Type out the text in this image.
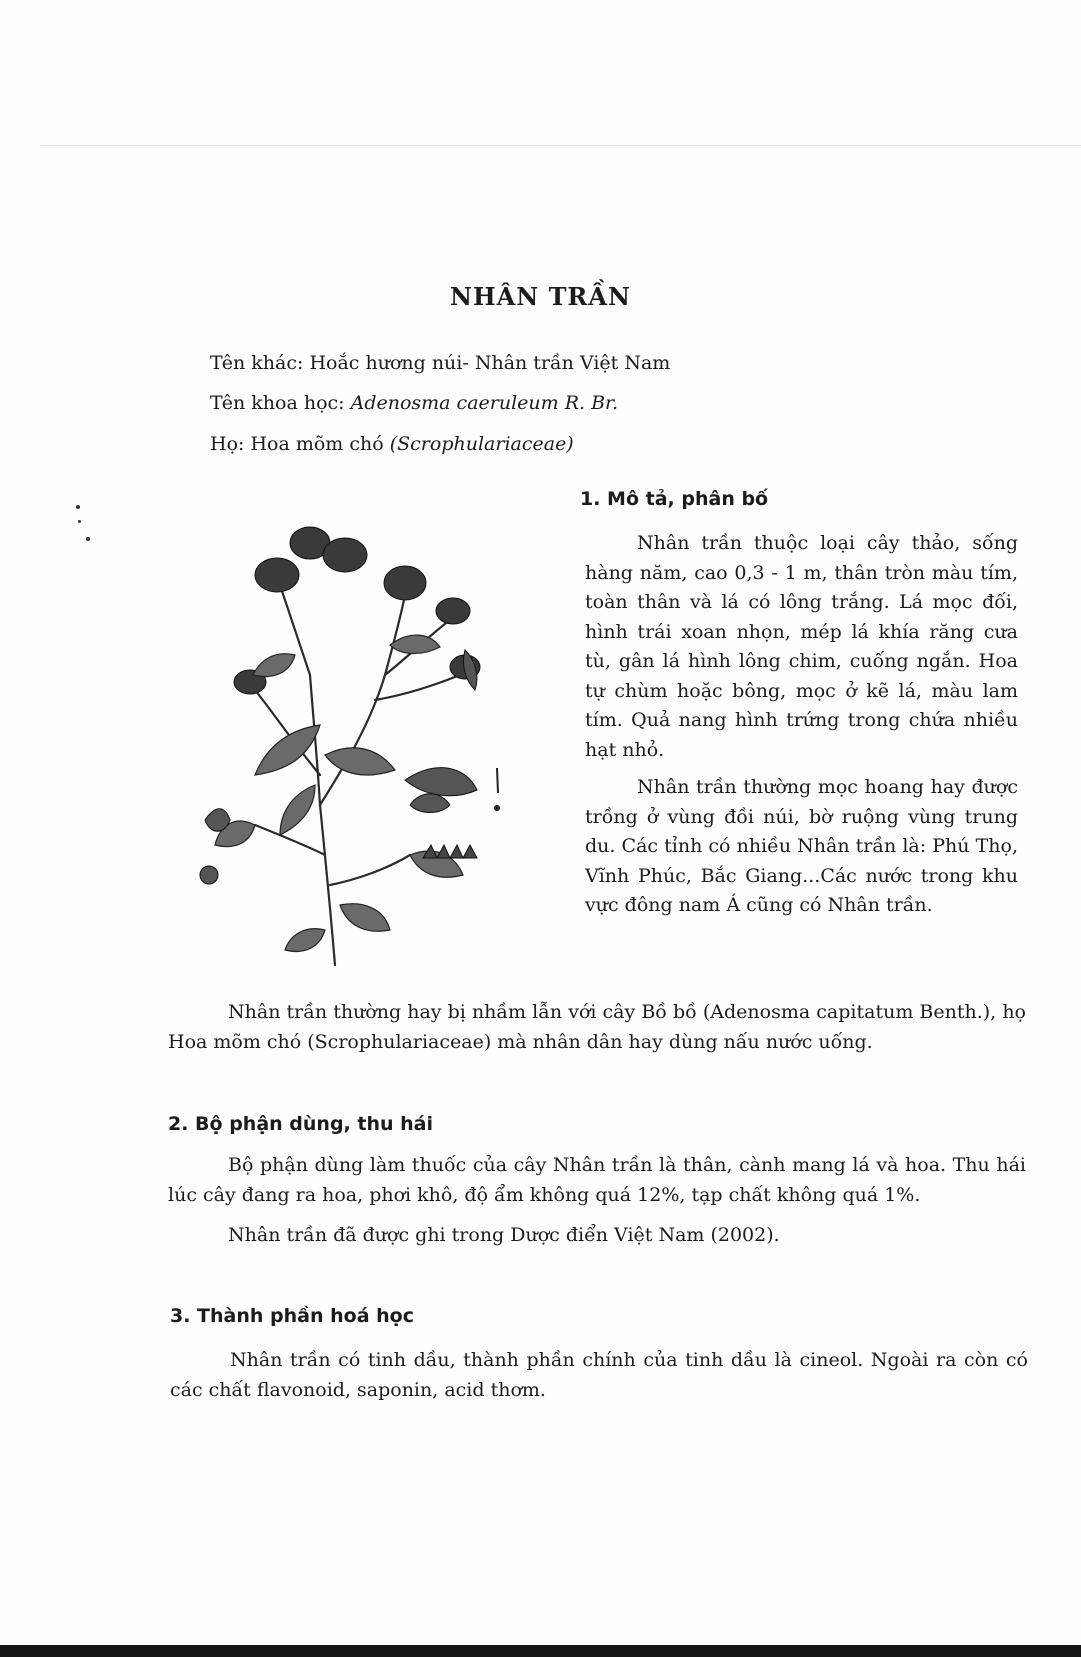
NHÂN TRẦN
Tên khác: Hoắc hương núi- Nhân trần Việt Nam
Tên khoa học: Adenosma caeruleum R. Br.
Họ: Hoa mõm chó (Scrophulariaceae)
1. Mô tả, phân bố

Nhân trần thuộc loại cây thảo, sống hàng năm, cao 0,3 - 1 m, thân tròn màu tím, toàn thân và lá có lông trắng. Lá mọc đối, hình trái xoan nhọn, mép lá khía răng cưa tù, gân lá hình lông chim, cuống ngắn. Hoa tự chùm hoặc bông, mọc ở kẽ lá, màu lam tím. Quả nang hình trứng trong chứa nhiều hạt nhỏ.

Nhân trần thường mọc hoang hay được trồng ở vùng đồi núi, bờ ruộng vùng trung du. Các tỉnh có nhiều Nhân trần là: Phú Thọ, Vĩnh Phúc, Bắc Giang...Các nước trong khu vực đông nam Á cũng có Nhân trần.

Nhân trần thường hay bị nhầm lẫn với cây Bồ bồ (Adenosma capitatum Benth.), họ Hoa mõm chó (Scrophulariaceae) mà nhân dân hay dùng nấu nước uống.

2. Bộ phận dùng, thu hái

Bộ phận dùng làm thuốc của cây Nhân trần là thân, cành mang lá và hoa. Thu hái lúc cây đang ra hoa, phơi khô, độ ẩm không quá 12%, tạp chất không quá 1%.

Nhân trần đã được ghi trong Dược điển Việt Nam (2002).

3. Thành phần hoá học

Nhân trần có tinh dầu, thành phần chính của tinh dầu là cineol. Ngoài ra còn có các chất flavonoid, saponin, acid thơm.
